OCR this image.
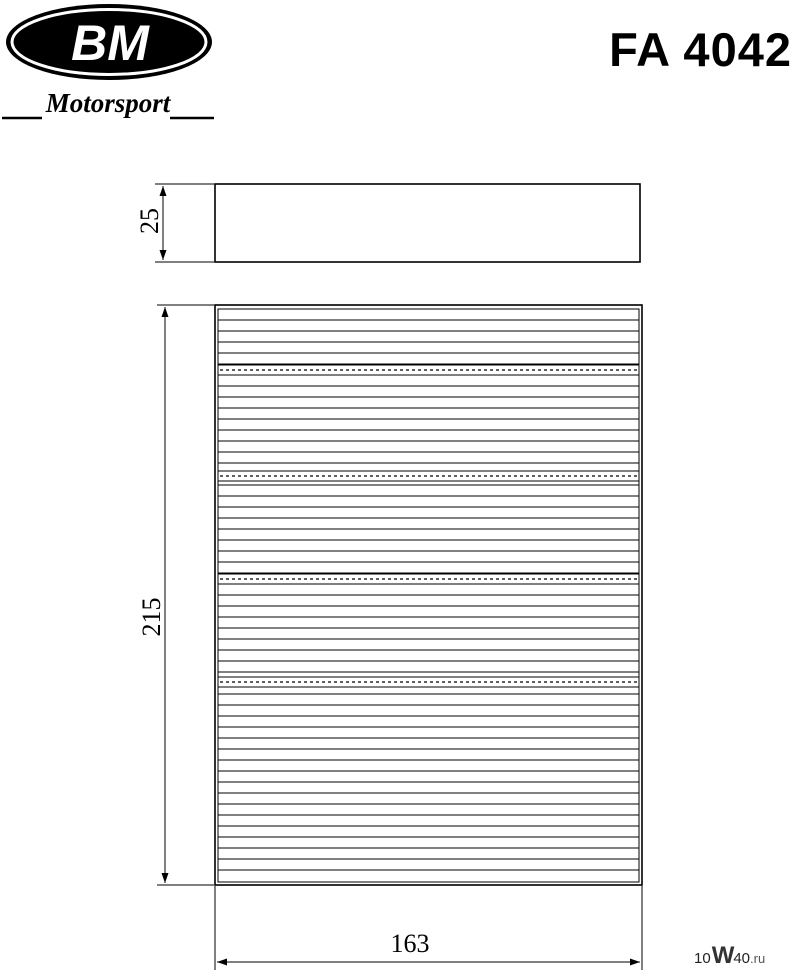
BM
Motorsport
FA 4042
25
215
163
10 W 40 .ru
